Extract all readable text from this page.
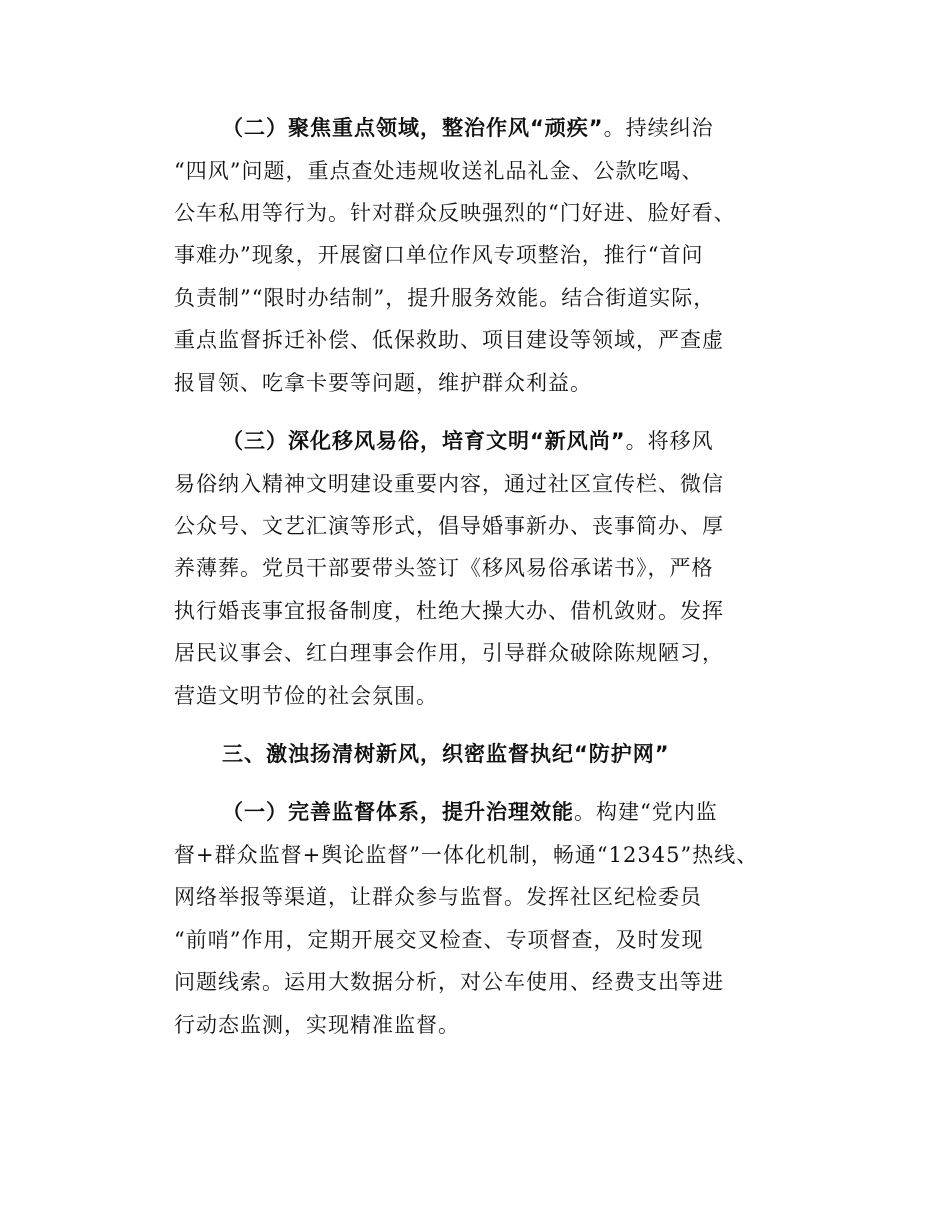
（二）聚焦重点领域，整治作风“顽疾”。持续纠治
“四风”问题，重点查处违规收送礼品礼金、公款吃喝、
公车私用等行为。针对群众反映强烈的“门好进、脸好看、
事难办”现象，开展窗口单位作风专项整治，推行“首问
负责制”“限时办结制”，提升服务效能。结合街道实际，
重点监督拆迁补偿、低保救助、项目建设等领域，严查虚
报冒领、吃拿卡要等问题，维护群众利益。
（三）深化移风易俗，培育文明“新风尚”。将移风
易俗纳入精神文明建设重要内容，通过社区宣传栏、微信
公众号、文艺汇演等形式，倡导婚事新办、丧事简办、厚
养薄葬。党员干部要带头签订《移风易俗承诺书》，严格
执行婚丧事宜报备制度，杜绝大操大办、借机敛财。发挥
居民议事会、红白理事会作用，引导群众破除陈规陋习，
营造文明节俭的社会氛围。
三、激浊扬清树新风，织密监督执纪“防护网”
（一）完善监督体系，提升治理效能。构建“党内监
督+群众监督+舆论监督”一体化机制，畅通“12345”热线、
网络举报等渠道，让群众参与监督。发挥社区纪检委员
“前哨”作用，定期开展交叉检查、专项督查，及时发现
问题线索。运用大数据分析，对公车使用、经费支出等进
行动态监测，实现精准监督。
